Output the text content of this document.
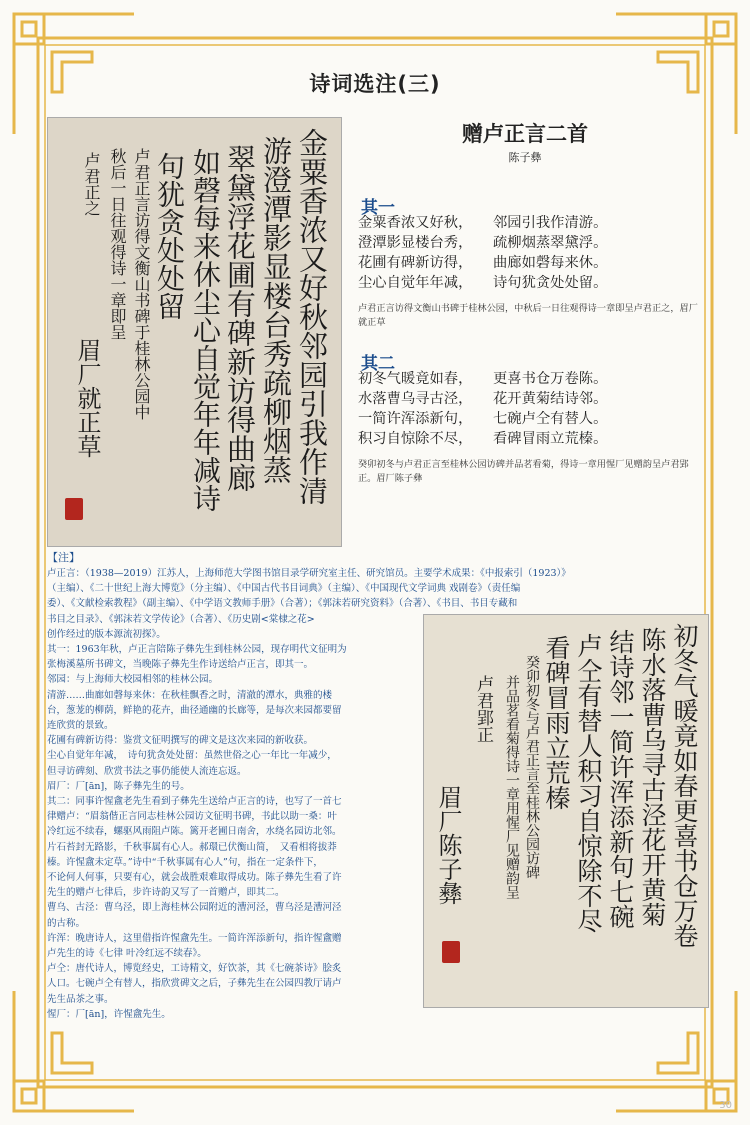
诗词选注(三)
金粟香浓又好秋邻园引我作清
游澄潭影显楼台秀疏柳烟蒸
翠黛浮花圃有碑新访得曲廊
如磬每来休尘心自觉年年减诗
句犹贪处处留
卢君正言访得文衡山书碑于桂林公园中
秋后一日往观得诗一章即呈
卢君正之
眉厂就正草
赠卢正言二首
陈子彝
其一
金粟香浓又好秋， 邻园引我作清游。
澄潭影显楼台秀， 疏柳烟蒸翠黛浮。
花圃有碑新访得， 曲廊如磬每来休。
尘心自觉年年减， 诗句犹贪处处留。
卢君正言访得文衡山书碑于桂林公园，中秋后一日往观得诗一章即呈卢君正之，眉厂就正草
其二
初冬气暖竟如春， 更喜书仓万卷陈。
水落曹乌寻古泾， 花开黄菊结诗邻。
一简许浑添新句， 七碗卢仝有替人。
积习自惊除不尽， 看碑冒雨立荒榛。
癸卯初冬与卢君正言至桂林公园访碑并品茗看菊，得诗一章用惺厂见赠韵呈卢君郢正。眉厂陈子彝
【注】
卢正言：（1938—2019）江苏人，上海师范大学图书馆目录学研究室主任、研究馆员。主要学术成果：《中报索引（1923）》
（主编）、《二十世纪上海大博览》（分主编）、《中国古代书目词典》（主编）、《中国现代文学词典 戏剧卷》（责任编
委）、《文献检索教程》（副主编）、《中学语文教师手册》（合著）；《郭沫若研究资料》（合著）、《书目、书目专藏和
书目之目录》、《郭沫若文学传论》（合著）、《历史剧<棠棣之花>
创作经过的版本源流初探》。
其一：1963年秋，卢正言陪陈子彝先生到桂林公园，现存明代文征明为
张梅溪墓所书碑文，当晚陈子彝先生作诗送给卢正言，即其一。
邻园：与上海师大校园相邻的桂林公园。
清游……曲廊如磬每来休：在秋桂飘香之时，清澈的潭水，典雅的楼
台，葱茏的柳荫，鲜艳的花卉，曲径通幽的长廊等，是每次来园都要留
连欣赏的景致。
花圃有碑新访得：鉴赏文征明撰写的碑文是这次来园的新收获。
尘心自觉年年减，　诗句犹贪处处留：虽然世俗之心一年比一年减少，
但寻访碑刻、欣赏书法之事仍能使人流连忘返。
眉厂：厂[ān]，陈子彝先生的号。
其二：同事许惺盦老先生看到子彝先生送给卢正言的诗，也写了一首七
律赠卢：“眉翁偕正言同志桂林公园访文征明书碑，书此以助一桑：叶
冷红远不续春，螺驱风雨阻卢陈。篱开老圃日南舍，水绕名园访北邻。
片石苔封无路影，千秋事属有心人。郝環已伏衡山简，　又看相将拔莽
榛。许惺盦未定草。”诗中“千秋事属有心人”句，指在一定条件下，
不论何人何事，只要有心，就会战胜艰难取得成功。陈子彝先生看了许
先生的赠卢七律后，步许诗韵又写了一首赠卢，即其二。
曹乌、古泾：曹乌泾，即上海桂林公园附近的漕河泾，曹乌泾是漕河泾
的古称。
许浑：晚唐诗人，这里借指许惺盦先生。一简许浑添新句，指许惺盦赠
卢先生的诗《七律 叶冷红远不续春》。
卢仝：唐代诗人，博览经史，工诗精文，好饮茶，其《七碗茶诗》脍炙
人口。七碗卢仝有替人，指欣赏碑文之后，子彝先生在公园四教厅请卢
先生品茶之事。
惺厂：厂[ān]，许惺盦先生。
初冬气暖竟如春更喜书仓万卷
陈水落曹乌寻古泾花开黄菊
结诗邻一简许浑添新句七碗
卢仝有替人积习自惊除不尽
看碑冒雨立荒榛
癸卯初冬与卢君正言至桂林公园访碑
并品茗看菊得诗一章用惺厂见赠韵呈
卢君郢正
眉厂陈子彝
30
